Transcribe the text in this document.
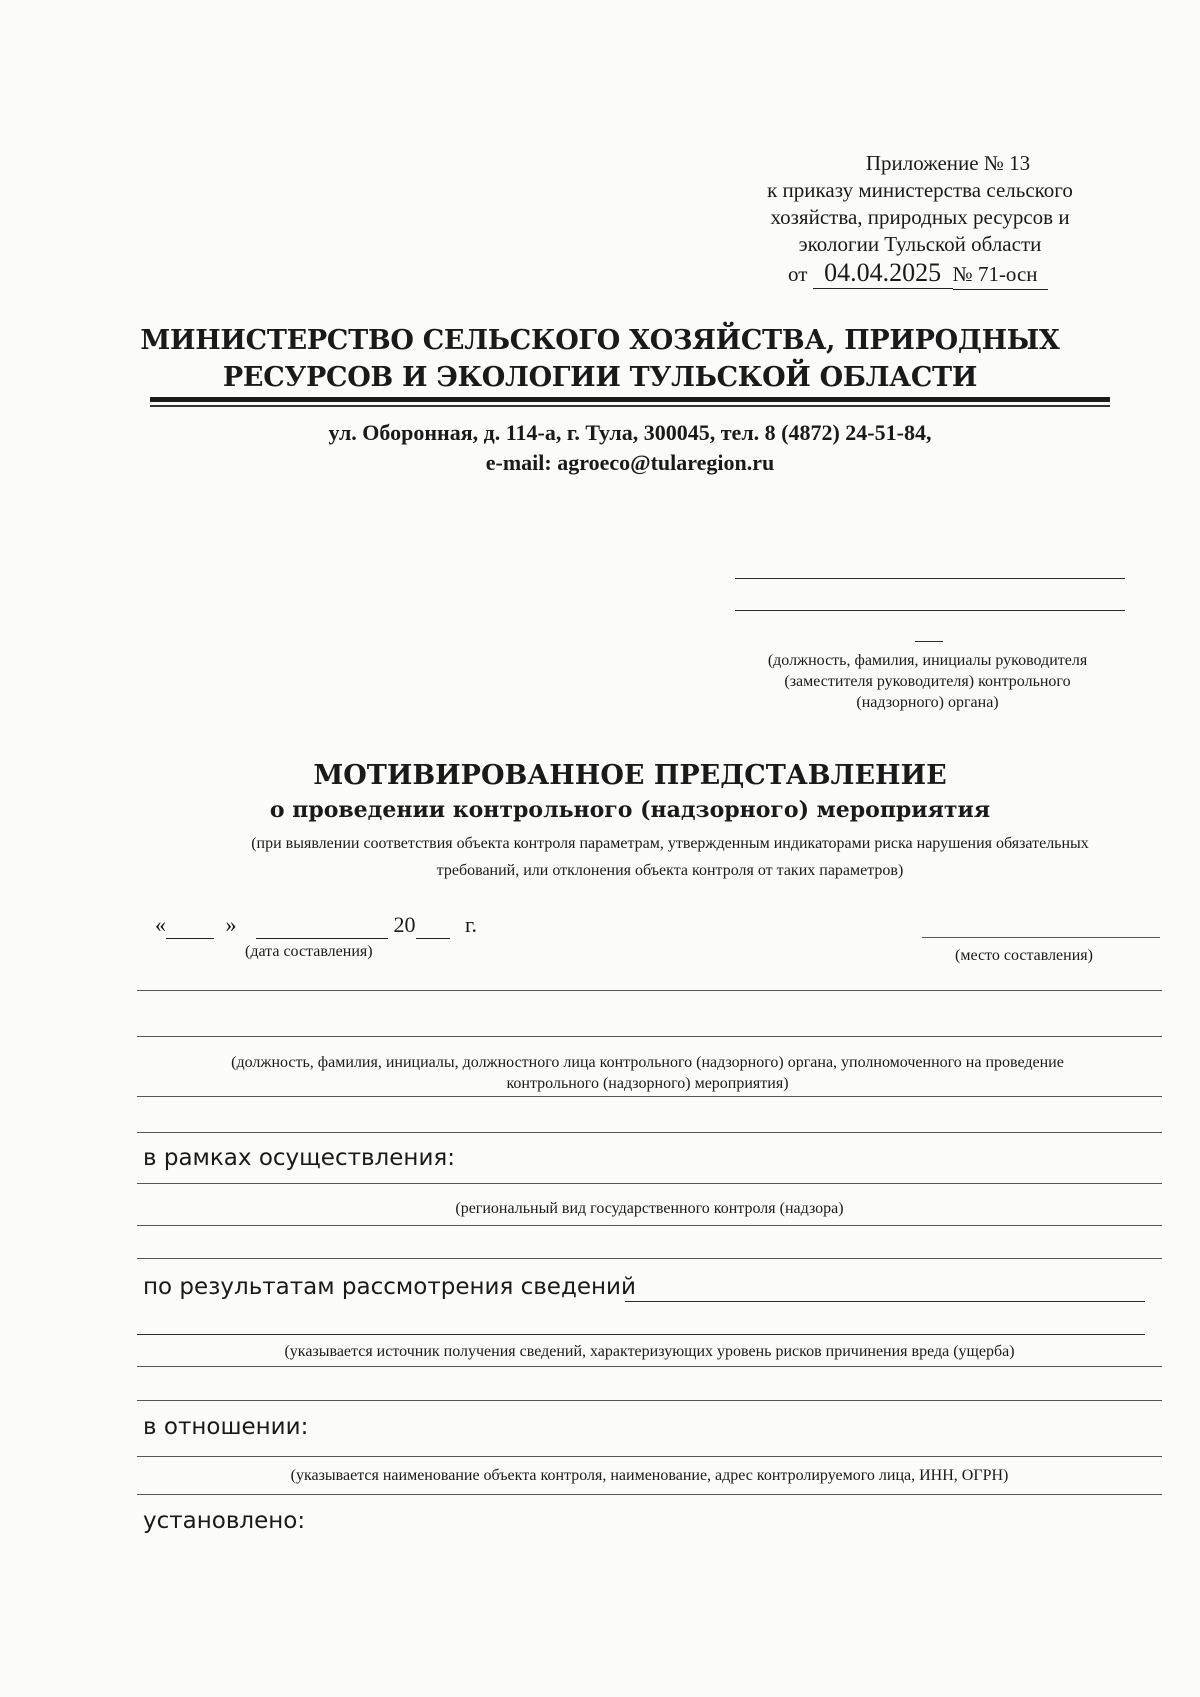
Приложение № 13
к приказу министерства сельского
хозяйства, природных ресурсов и
экологии Тульской области
от 04.04.2025 № 71-осн
МИНИСТЕРСТВО СЕЛЬСКОГО ХОЗЯЙСТВА, ПРИРОДНЫХ
РЕСУРСОВ И ЭКОЛОГИИ ТУЛЬСКОЙ ОБЛАСТИ
ул. Оборонная, д. 114-а, г. Тула, 300045, тел. 8 (4872) 24-51-84,
e-mail: agroeco@tularegion.ru
(должность, фамилия, инициалы руководителя
(заместителя руководителя) контрольного
(надзорного) органа)
МОТИВИРОВАННОЕ ПРЕДСТАВЛЕНИЕ
о проведении контрольного (надзорного) мероприятия
(при выявлении соответствия объекта контроля параметрам, утвержденным индикаторами риска нарушения обязательных
требований, или отклонения объекта контроля от таких параметров)
«	»	20 г.
(дата составления)	(место составления)
(должность, фамилия, инициалы, должностного лица контрольного (надзорного) органа, уполномоченного на проведение
контрольного (надзорного) мероприятия)
в рамках осуществления:
(региональный вид государственного контроля (надзора)
по результатам рассмотрения сведений
(указывается источник получения сведений, характеризующих уровень рисков причинения вреда (ущерба)
в отношении:
(указывается наименование объекта контроля, наименование, адрес контролируемого лица, ИНН, ОГРН)
установлено:
